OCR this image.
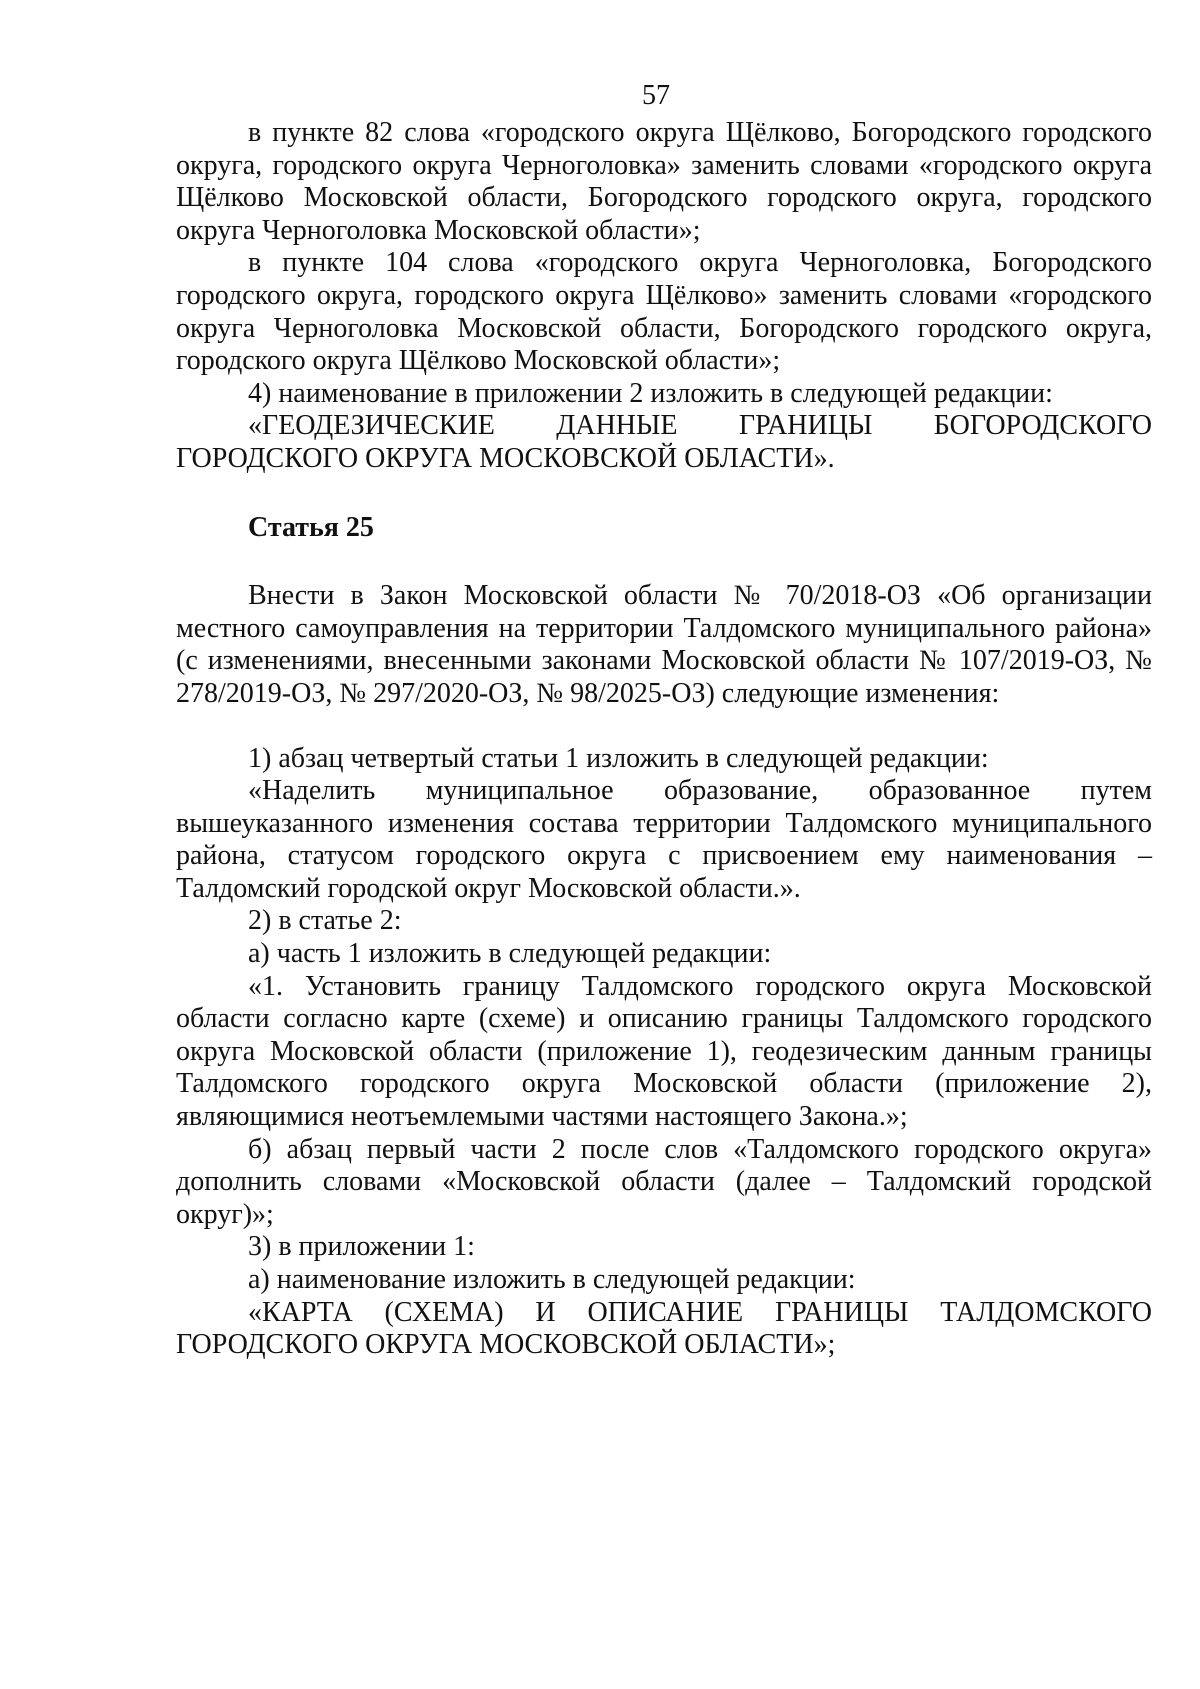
57

в пункте 82 слова «городского округа Щёлково, Богородского городского округа, городского округа Черноголовка» заменить словами «городского округа Щёлково Московской области, Богородского городского округа, городского округа Черноголовка Московской области»;

в пункте 104 слова «городского округа Черноголовка, Богородского городского округа, городского округа Щёлково» заменить словами «городского округа Черноголовка Московской области, Богородского городского округа, городского округа Щёлково Московской области»;

4) наименование в приложении 2 изложить в следующей редакции:

«ГЕОДЕЗИЧЕСКИЕ ДАННЫЕ ГРАНИЦЫ БОГОРОДСКОГО ГОРОДСКОГО ОКРУГА МОСКОВСКОЙ ОБЛАСТИ».

Статья 25

Внести в Закон Московской области № 70/2018-ОЗ «Об организации местного самоуправления на территории Талдомского муниципального района» (с изменениями, внесенными законами Московской области № 107/2019-ОЗ, № 278/2019-ОЗ, № 297/2020-ОЗ, № 98/2025-ОЗ) следующие изменения:

1) абзац четвертый статьи 1 изложить в следующей редакции:

«Наделить муниципальное образование, образованное путем вышеуказанного изменения состава территории Талдомского муниципального района, статусом городского округа с присвоением ему наименования – Талдомский городской округ Московской области.».

2) в статье 2:

а) часть 1 изложить в следующей редакции:

«1. Установить границу Талдомского городского округа Московской области согласно карте (схеме) и описанию границы Талдомского городского округа Московской области (приложение 1), геодезическим данным границы Талдомского городского округа Московской области (приложение 2), являющимися неотъемлемыми частями настоящего Закона.»;

б) абзац первый части 2 после слов «Талдомского городского округа» дополнить словами «Московской области (далее – Талдомский городской округ)»;

3) в приложении 1:

а) наименование изложить в следующей редакции:

«КАРТА (СХЕМА) И ОПИСАНИЕ ГРАНИЦЫ ТАЛДОМСКОГО ГОРОДСКОГО ОКРУГА МОСКОВСКОЙ ОБЛАСТИ»;
